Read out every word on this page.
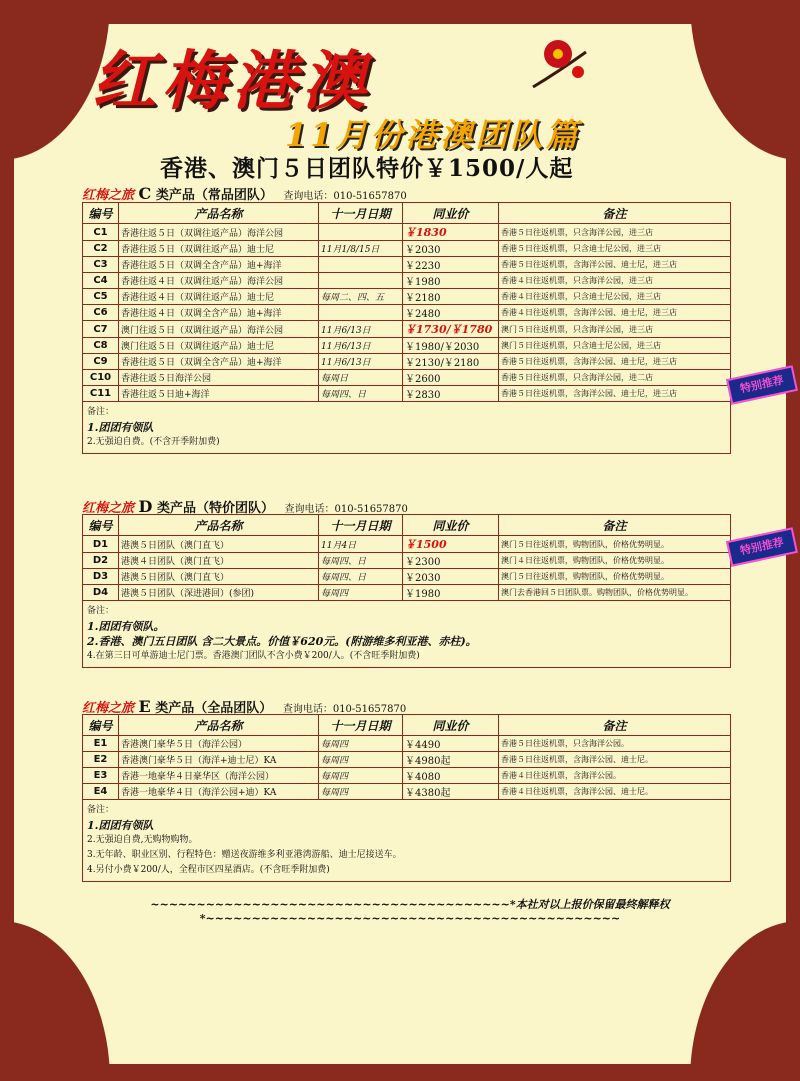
红梅港澳
11月份港澳团队篇
香港、澳门５日团队特价￥1500/人起
红梅之旅 C 类产品（常品团队） 查询电话：010-51657870
编号	产品名称	十一月日期	同业价	备注
C1	香港往返５日（双调往返产品）海洋公园		￥1830	香港５日往返机票，只含海洋公园，进三店
C2	香港往返５日（双调往返产品）迪士尼	11月1/8/15日	￥2030	香港５日往返机票，只含迪士尼公园，进三店
C3	香港往返５日（双调全含产品）迪+海洋		￥2230	香港５日往返机票，含海洋公园、迪士尼，进三店
C4	香港往返４日（双调往返产品）海洋公园		￥1980	香港４日往返机票，只含海洋公园，进三店
C5	香港往返４日（双调往返产品）迪士尼	每周二、四、五	￥2180	香港４日往返机票，只含迪士尼公园，进三店
C6	香港往返４日（双调全含产品）迪+海洋		￥2480	香港４日往返机票，含海洋公园、迪士尼，进三店
C7	澳门往返５日（双调往返产品）海洋公园	11月6/13日	￥1730/￥1780	澳门５日往返机票，只含海洋公园，进三店
C8	澳门往返５日（双调往返产品）迪士尼	11月6/13日	￥1980/￥2030	澳门５日往返机票，只含迪士尼公园，进三店
C9	香港往返５日（双调全含产品）迪+海洋	11月6/13日	￥2130/￥2180	香港５日往返机票，含海洋公园、迪士尼，进三店
C10	香港往返５日海洋公园	每周日	￥2600	香港５日往返机票，只含海洋公园，进二店
C11	香港往返５日迪+海洋	每周四、日	￥2830	香港５日往返机票，含海洋公园、迪士尼，进三店

备注：
1.团团有领队
2.无强迫自费。(不含开季附加费)				
特别推荐
红梅之旅 D 类产品（特价团队） 查询电话：010-51657870
编号	产品名称	十一月日期	同业价	备注
D1	港澳５日团队（澳门直飞）	11月4日	￥1500	澳门５日往返机票，购物团队，价格优势明显。
D2	港澳４日团队（澳门直飞）	每周四、日	￥2300	澳门４日往返机票，购物团队，价格优势明显。
D3	港澳５日团队（澳门直飞）	每周四、日	￥2030	澳门５日往返机票，购物团队，价格优势明显。
D4	港澳５日团队（深进港回）(参团)	每周四	￥1980	澳门去香港回５日团队票。购物团队，价格优势明显。

备注：
1.团团有领队。
2.香港、澳门五日团队 含二大景点。价值￥620元。(附游维多利亚港、赤柱)。
4.在第三日可单游迪士尼门票。香港澳门团队不含小费￥200/人。(不含旺季附加费)				
特别推荐
红梅之旅 E 类产品（全品团队） 查询电话：010-51657870
编号	产品名称	十一月日期	同业价	备注
E1	香港澳门豪华５日（海洋公园）	每周四	￥4490	香港５日往返机票，只含海洋公园。
E2	香港澳门豪华５日（海洋+迪士尼）KA	每周四	￥4980起	香港５日往返机票，含海洋公园、迪士尼。
E3	香港一地豪华４日豪华区（海洋公园）	每周四	￥4080	香港４日往返机票，含海洋公园。
E4	香港一地豪华４日（海洋公园+迪）KA	每周四	￥4380起	香港４日往返机票，含海洋公园、迪士尼。

备注：
1.团团有领队
2.无强迫自费,无购物购物。
3.无年龄、职业区别、行程特色：赠送夜游维多利亚港湾游船、迪士尼接送车。
4.另付小费￥200/人，全程市区四星酒店。(不含旺季附加费)				
~~~~~~~~~~~~~~~~~~~~~~~~~~~~~~~~~~~~~~~*本社对以上报价保留最终解释权*~~~~~~~~~~~~~~~~~~~~~~~~~~~~~~~~~~~~~~~~~~~~~
